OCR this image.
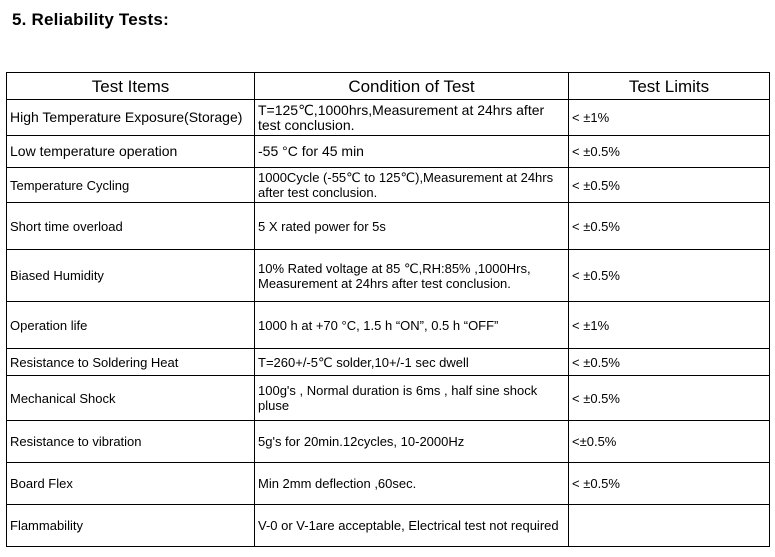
5. Reliability Tests:
Test Items	Condition of Test	Test Limits
High Temperature Exposure(Storage)	T=125℃,1000hrs,Measurement at 24hrs after test conclusion.	< ±1%
Low temperature operation	-55 °C for 45 min	< ±0.5%
Temperature Cycling	1000Cycle (-55℃ to 125℃),Measurement at 24hrs after test conclusion.	< ±0.5%
Short time overload	5 X rated power for 5s	< ±0.5%
Biased Humidity	10% Rated voltage at 85 ℃,RH:85% ,1000Hrs, Measurement at 24hrs after test conclusion.	< ±0.5%
Operation life	1000 h at +70 °C, 1.5 h “ON”, 0.5 h “OFF”	< ±1%
Resistance to Soldering Heat	T=260+/-5℃ solder,10+/-1 sec dwell	< ±0.5%
Mechanical Shock	100g's , Normal duration is 6ms , half sine shock pluse	< ±0.5%
Resistance to vibration	5g's for 20min.12cycles, 10-2000Hz	<±0.5%
Board Flex	Min 2mm deflection ,60sec.	< ±0.5%
Flammability	V-0 or V-1are acceptable, Electrical test not required	
